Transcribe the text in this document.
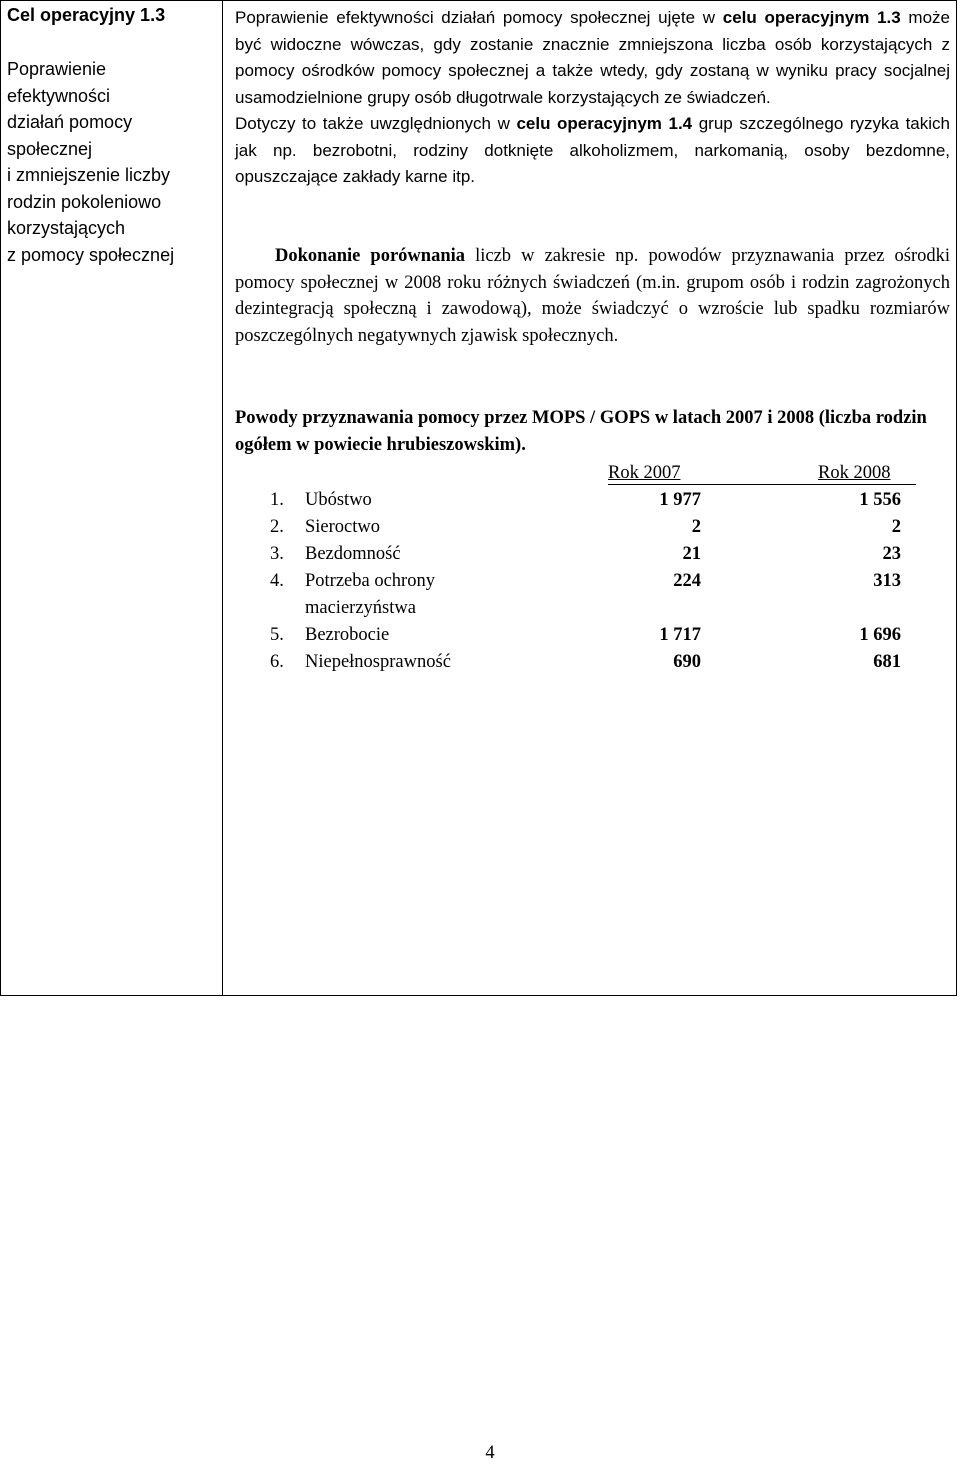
Cel operacyjny 1.3
Poprawienie
efektywności
działań pomocy
społecznej
i zmniejszenie liczby
rodzin pokoleniowo
korzystających
z pomocy społecznej
Poprawienie efektywności działań pomocy społecznej ujęte w celu operacyjnym 1.3 może być widoczne wówczas, gdy zostanie znacznie zmniejszona liczba osób korzystających z pomocy ośrodków pomocy społecznej a także wtedy, gdy zostaną w wyniku pracy socjalnej usamodzielnione grupy osób długotrwale korzystających ze świadczeń.
Dotyczy to także uwzględnionych w celu operacyjnym 1.4 grup szczególnego ryzyka takich jak np. bezrobotni, rodziny dotknięte alkoholizmem, narkomanią, osoby bezdomne, opuszczające zakłady karne itp.
Dokonanie porównania liczb w zakresie np. powodów przyznawania przez ośrodki pomocy społecznej w 2008 roku różnych świadczeń (m.in. grupom osób i rodzin zagrożonych dezintegracją społeczną i zawodową), może świadczyć o wzroście lub spadku rozmiarów poszczególnych negatywnych zjawisk społecznych.
Powody przyznawania pomocy przez MOPS / GOPS w latach 2007 i 2008 (liczba rodzin ogółem w powiecie hrubieszowskim).
Rok 2007	Rok 2008
1. Ubóstwo	1 977	1 556
2. Sieroctwo	2	2
3. Bezdomność	21	23
4. Potrzeba ochrony macierzyństwa
224	313
5. Bezrobocie	1 717	1 696
6. Niepełnosprawność	690	681
4
